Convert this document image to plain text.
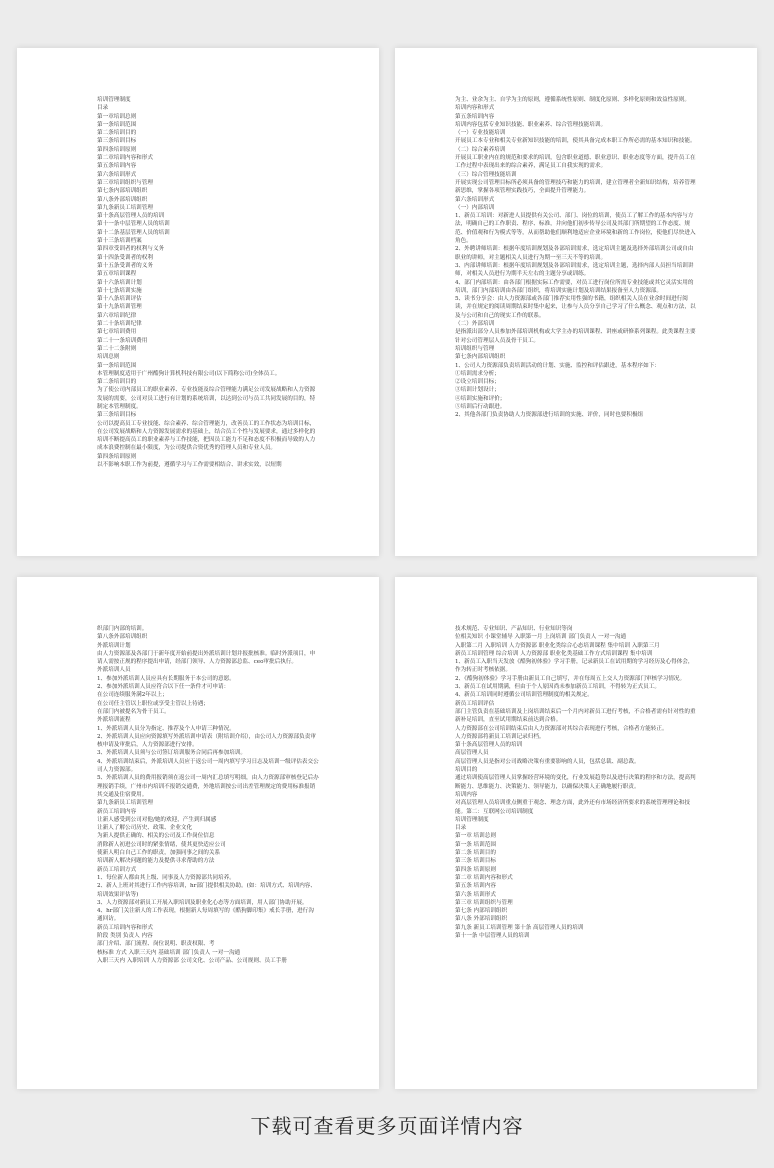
培训管理制度
目录
第一章培训总则
第一条培训范围
第二条培训目的
第三条培训目标
第四条培训原则
第二章培训内容和形式
第五条培训内容
第六条培训形式
第三章培训组织与管理
第七条内部培训组织
第八条外部培训组织
第九条新员工培训管理
第十条高层管理人员的培训
第十一条中层管理人员的培训
第十二条基层管理人员的培训
第十三条培训档案
第四章受训者的权利与义务
第十四条受训者的权利
第十五条受训者的义务
第五章培训课程
第十六条培训计划
第十七条培训实施
第十八条培训评估
第十九条培训管理
第六章培训纪律
第二十条培训纪律
第七章培训费用
第二十一条培训费用
第二十二条附则
培训总则
第一条培训范围
本管理制度适用于广州酷狗计算机科技有限公司(以下简称公司)全体员工。
第二条培训目的
为了使公司内部员工的职业素养、专业技能及综合管理能力满足公司发展战略和人力资源发展的需要，公司对员工进行有计划的系统培训，以达到公司与员工共同发展的目的，特制定本管理制度。
第三条培训目标
公司以提高员工专业技能、综合素养、综合管理能力，改善员工的工作状态为培训目标，在公司发展战略和人力资源发展需求的基础上，结合员工个性与发展要求，通过多样化的培训不断提高员工的职业素养与工作技能，把因员工能力不足和态度不积极而导致的人力成本浪费控制在最小限度，为公司提供合资优秀的管理人员和专业人员。
第四条培训原则
以不影响本职工作为前提，遵循学习与工作需要相结合、讲求实效，以短期
为主、业余为主、自学为主的原则，遵循系统性原则、制度化原则、多样化原则和效益性原则。
培训内容和形式
第五条培训内容
培训内容包括专业知识技能、职业素养、综合管理技能培训。
（一）专业技能培训
开展员工本专业和相关专业新知识技能的培训，使其具备完成本职工作所必需的基本知识和技能。
（二）综合素养培训
开展员工职业内在的规范和要求的培训，包含职业道德、职业意识、职业态度等方面，提升员工在工作过程中表现出来的综合素养，满足员工自我实现的需求。
（三）综合管理技能培训
开展实现公司管理目标所必须具备的管理技巧和能力的培训，建立管理者全新知识结构，培养管理新思维，掌握各项管理实践技巧，全面提升管理能力。
第六条培训形式
（一）内部培训
1、新员工培训：对新进人员提供有关公司、部门、岗位的培训，使员工了解工作的基本内容与方法，明确自己的工作职责、程序、标准，并向他们初步传导公司及其部门所期望的工作态度、规范、价值观和行为模式等等，从而帮助他们顺利地适应企业环境和新的工作岗位，使他们尽快进入角色。
2、外聘讲师培训：根据年度培训规划及各部培训需求，选定培训主题及选择外部培训公司或自由职业的讲师，对主题相关人员进行为期一至三天不等的培训。
3、内部讲师培训：根据年度培训规划及各部培训需求，选定培训主题，选择内部人员担当培训讲师，对相关人员进行为期半天左右的主题分享或训练。
4、部门内部培训：由各部门根据实际工作需要，对员工进行岗位所需专业技能或其它灵活实用的培训，部门内部培训由各部门组织，将培训实施计划及培训结果报备至人力资源部。
5、读书分享会：由人力资源部或各部门推荐实用性强的书籍，组织相关人员在业余时间进行阅读，并在规定的阅读周期结束时集中起来，让参与人员分享自己学习了什么概念、观点和方法，以及与公司和自己的现实工作的联系。
（二）外部培训
是指派出部分人员参加外部培训机构或大学主办的培训课程、讲座或研修系列课程。此类课程主要针对公司管理层人员及骨干员工。
培训组织与管理
第七条内部培训组织
1、公司人力资源部负责培训活动的计划、实施、监控和评估跟进，基本程序如下：
①培训需求分析；
②设立培训目标；
③培训计划设计；
④培训实施和评价；
⑤培训后行动跟进。
2、其他各部门负责协助人力资源部进行培训的实施、评价，同时也要积极组
织部门内部的培训。
第八条外部培训组织
外派培训计划
由人力资源部及各部门于新年度开始前提出外派培训计划并报批核准。临时外派项目，申请人需按正规的程序提出申请，经部门领导、人力资源部总监、ceo审批后执行。
外派培训人员
1、参加外派培训人员应具有长期服务于本公司的意愿。
2、参加外派培训人员应符合以下任一条件才可申请：
在公司连续服务满2年以上；
在公司任主管以上职位或享受主管以上待遇；
在部门内被提名为骨干员工。
外派培训流程
1、外派培训人员分为指定、推荐及个人申请三种情况。
2、外派培训人员应向资源填写外派培训申请表（附培训介绍），由公司人力资源部负责审核申请及审批后，人力资源部进行安排。
3、外派培训人员须与公司签订培训服务合同后再参加培训。
4、外派培训结束后，外派培训人员应于返公司一周内填写学习日志及培训一级评估表交公司人力资源部。
5、外派培训人员的费用报销须在返公司一周内汇总填写明细，由人力资源部审核登记后办理报销手续，广州市内培训不报销交通费，外地培训按公司出差管理规定的费用标准报销其交通及住宿费用。
第九条新员工培训管理
新员工培训内容
让新人感受到公司对他/她的欢迎，产生到归属感
让新人了解公司历史、政策、企业文化
为新人提供正确的、相关的公司及工作岗位信息
消除新人初进公司时的紧张情绪，使其更快适应公司
使新人明白自己工作的职责，加强同事之间的关系
培训新人解决问题的能力及提供寻求帮助的方法
新员工培训方式
1、每位新人都由其上级、同事及人力资源部共同培养。
2、新人上班对其进行工作内容培训，hr部门提供相关协助。(如：培训方式、培训内容、培训效果评估等)
3、人力资源部对新员工开展入职培训及职业化心态等方面培训，用人部门协助开展。
4、hr部门关注新人的工作表现，根据新人每周填写的《酷狗脚印集》戒长手册，进行沟通回访。
新员工培训内容和形式
阶段 类别 负责人 内容
部门介绍、部门流程、岗位说明、职责权限、考
核标准 方式 入职三天内 基础培训 部门负责人 一对一沟通
入职三天内 入职培训 人力资源部 公司文化、公司产品、公司规则、员工手册
技术规范、专业知识、产品知识、行业知识等岗
位相关知识 小课堂辅导 入职第一月 上岗培训 部门负责人 一对一沟通
入职第二月 入职培训 人力资源部 职业化类综合心态培训课程 集中培训 入职第三月
新员工培训管理 综合培训 人力资源部 职业化类基础工作方式培训课程 集中培训
1、新员工入职当天发放《酷狗初体验》学习手册，记录新员工在试用期的学习经历及心得体会，作为转正时考核依据。
2、《酷狗初体验》学习手册由新员工自己填写，并在每周五上交人力资源部门审核学习情况。
3、新员工在试用期满，但由于个人原因尚未参加新员工培训，不得转为正式员工。
4、新员工培训同时遵循公司培训管理制度的相关规定。
新员工培训评估
部门主管负责在基础培训及上岗培训结束后一个月内对新员工进行考核，不合格者需有针对性的重新补足培训，直至试用期结束前达到合格。
人力资源部在公司培训结束后由人力资源部对其综合表现进行考核，合格者方能转正。
人力资源部将新员工培训记录归档。
第十条高层管理人员的培训
高层管理人员
高层管理人员是指对公司战略决策有重要影响的人员，包括总裁、副总裁。
培训目的
通过培训使高层管理人员掌握经营环境的变化，行业发展趋势以及进行决策的程序和方法，提高判断能力、思维能力、决策能力、领导能力，以确保决策人正确地履行职责。
培训内容
对高层管理人员培训重点侧重于观念、理念方面，此外还有市场经济所要求的系统管理理论和技能。第二：互联网公司培训制度
培训管理制度
目录
第一章 培训总则
第一条 培训范围
第二条 培训目的
第三条 培训目标
第四条 培训原则
第二章 培训内容和形式
第五条 培训内容
第六条 培训形式
第三章 培训组织与管理
第七条 内部培训组织
第八条 外部培训组织
第九条 新员工培训管理 第十条 高层管理人员的培训
第十一条 中层管理人员的培训
下载可查看更多页面详情内容
